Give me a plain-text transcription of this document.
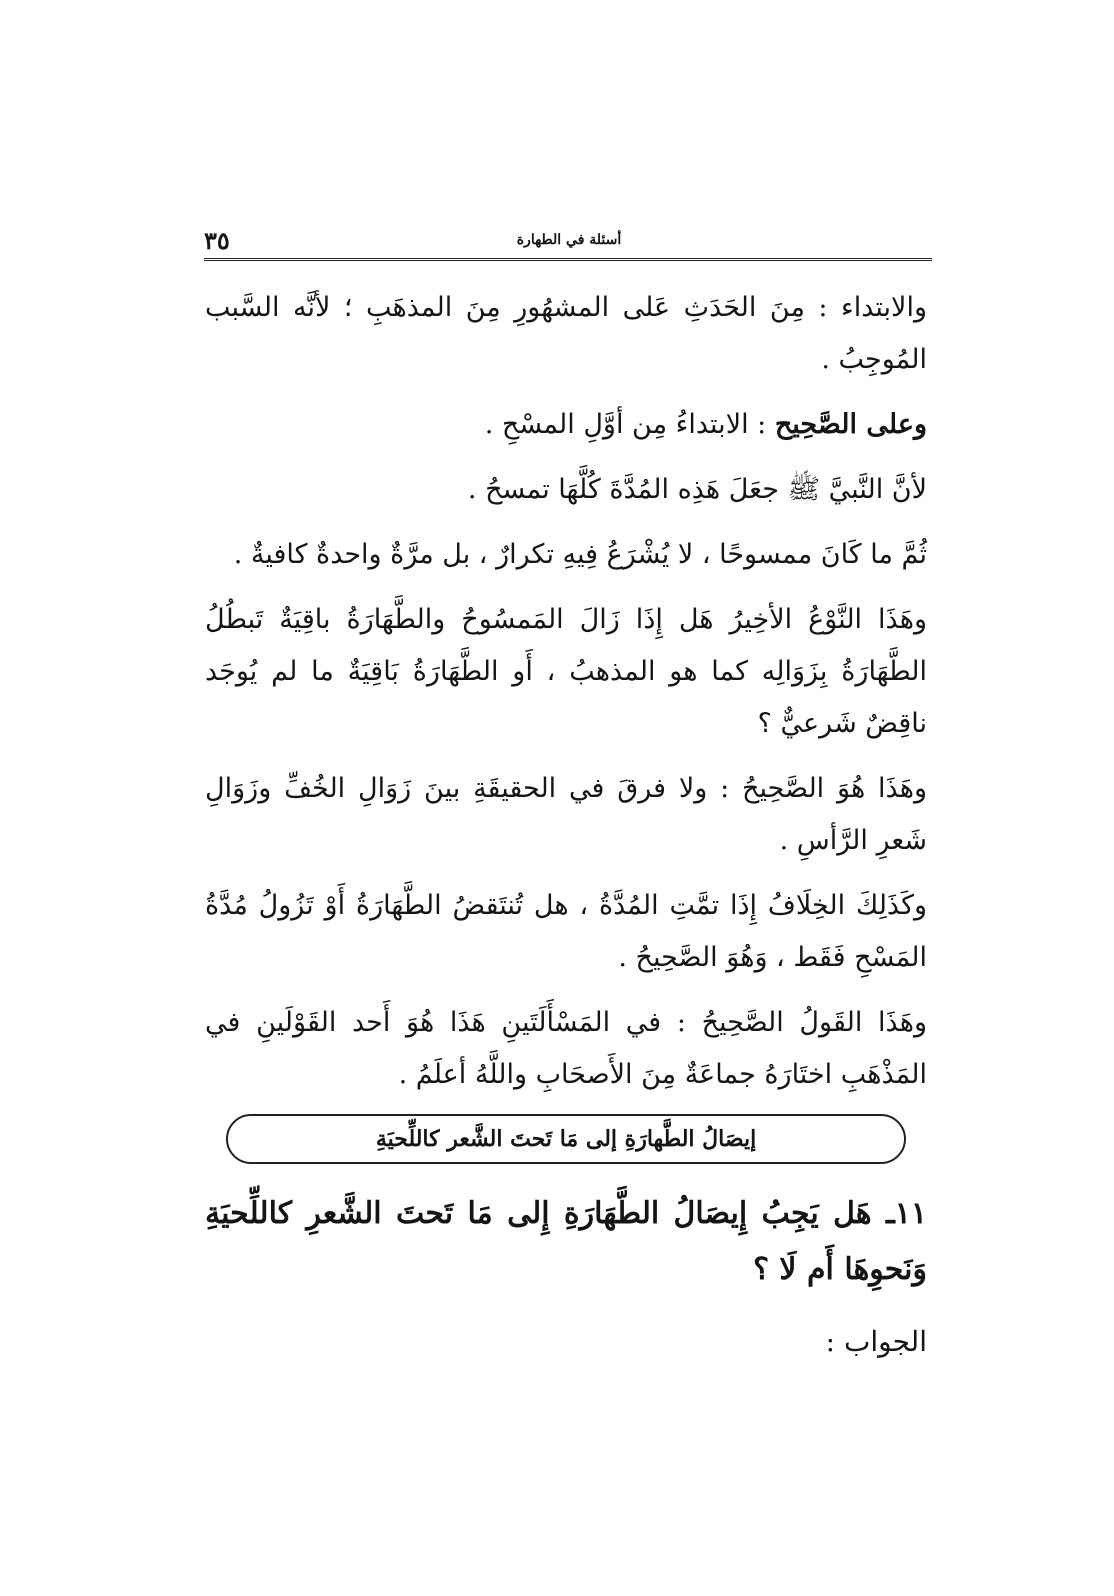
٣٥	أسئلة في الطهارة

والابتداء : مِنَ الحَدَثِ عَلى المشهُورِ مِنَ المذهَبِ ؛ لأنَّه السَّبب المُوجِبُ .

وعلى الصَّحِيح : الابتداءُ مِن أوَّلِ المسْحِ .

لأنَّ النَّبيَّ ﷺ جعَلَ هَذِه المُدَّةَ كُلَّهَا تمسحُ .

ثُمَّ ما كَانَ ممسوحًا ، لا يُشْرَعُ فِيهِ تكرارٌ ، بل مرَّةٌ واحدةٌ كافيةٌ .

وهَذَا النَّوْعُ الأخِيرُ هَل إِذَا زَالَ المَمسُوحُ والطَّهَارَةُ باقِيَةٌ تَبطُلُ الطَّهَارَةُ بِزَوَالِه كما هو المذهبُ ، أَو الطَّهَارَةُ بَاقِيَةٌ ما لم يُوجَد ناقِضٌ شَرعيٌّ ؟

وهَذَا هُوَ الصَّحِيحُ : ولا فرقَ في الحقيقَةِ بينَ زَوَالِ الخُفِّ وزَوَالِ شَعرِ الرَّأسِ .

وكَذَلِكَ الخِلَافُ إِذَا تمَّتِ المُدَّةُ ، هل تُنتَقضُ الطَّهَارَةُ أَوْ تَزُولُ مُدَّةُ المَسْحِ فَقَط ، وَهُوَ الصَّحِيحُ .

وهَذَا القَولُ الصَّحِيحُ : في المَسْأَلَتَينِ هَذَا هُوَ أَحد القَوْلَينِ في المَذْهَبِ اختَارَهُ جماعَةٌ مِنَ الأَصحَابِ واللَّهُ أعلَمُ .

إيصَالُ الطَّهارَةِ إلى مَا تَحتَ الشَّعر كاللِّحيَةِ

١١ـ هَل يَجِبُ إِيصَالُ الطَّهَارَةِ إِلى مَا تَحتَ الشَّعرِ كاللِّحيَةِ وَنَحوِهَا أَم لَا ؟

الجواب :
